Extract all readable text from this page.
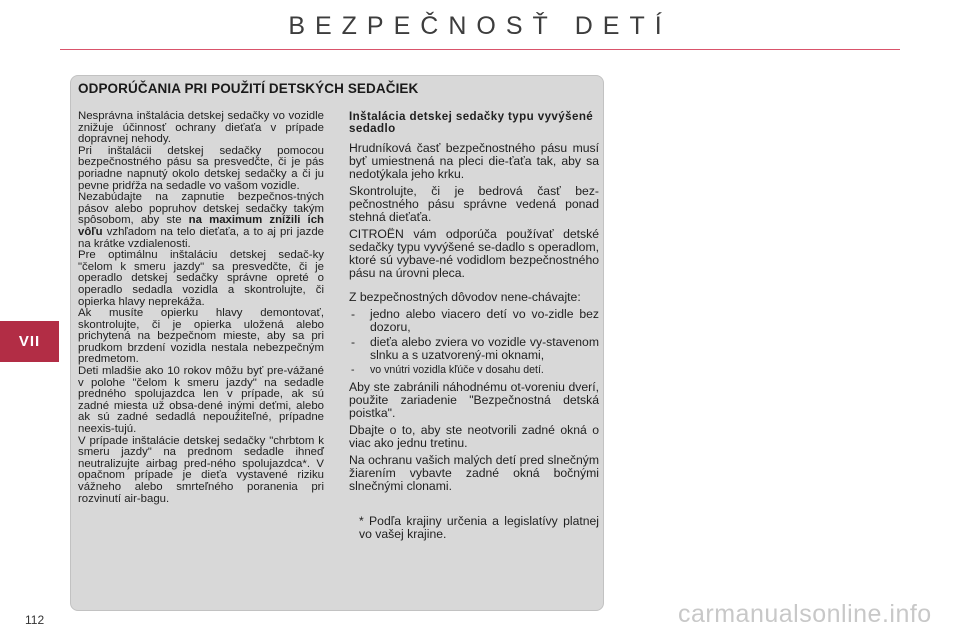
BEZPEČNOSŤ DETÍ
VII
ODPORÚČANIA PRI POUŽITÍ DETSKÝCH SEDAČIEK

Nesprávna inštalácia detskej sedačky vo vozidle znižuje účinnosť ochrany dieťaťa v prípade dopravnej nehody.

Pri inštalácii detskej sedačky pomocou bezpečnostného pásu sa presvedčte, či je pás poriadne napnutý okolo detskej sedačky a či ju pevne pridŕža na sedadle vo vašom vozidle.

Nezabúdajte na zapnutie bezpečnos-tných pásov alebo popruhov detskej sedačky takým spôsobom, aby ste na maximum znížili ich vôľu vzhľadom na telo dieťaťa, a to aj pri jazde na krátke vzdialenosti.

Pre optimálnu inštaláciu detskej sedač-ky "čelom k smeru jazdy" sa presvedčte, či je operadlo detskej sedačky správne opreté o operadlo sedadla vozidla a skontrolujte, či opierka hlavy neprekáža.

Ak musíte opierku hlavy demontovať, skontrolujte, či je opierka uložená alebo prichytená na bezpečnom mieste, aby sa pri prudkom brzdení vozidla nestala nebezpečným predmetom.

Deti mladšie ako 10 rokov môžu byť pre-vážané v polohe "čelom k smeru jazdy" na sedadle predného spolujazdca len v prípade, ak sú zadné miesta už obsa-dené inými deťmi, alebo ak sú zadné sedadlá nepoužiteľné, prípadne neexis-tujú.

V prípade inštalácie detskej sedačky "chrbtom k smeru jazdy" na prednom sedadle ihneď neutralizujte airbag pred-ného spolujazdca*. V opačnom prípade je dieťa vystavené riziku vážneho alebo smrteľného poranenia pri rozvinutí air-bagu.

Inštalácia detskej sedačky typu vyvýšené sedadlo

Hrudníková časť bezpečnostného pásu musí byť umiestnená na pleci die-ťaťa tak, aby sa nedotýkala jeho krku.

Skontrolujte, či je bedrová časť bez-pečnostného pásu správne vedená ponad stehná dieťaťa.

CITROËN vám odporúča používať detské sedačky typu vyvýšené se-dadlo s operadlom, ktoré sú vybave-né vodidlom bezpečnostného pásu na úrovni pleca.

Z bezpečnostných dôvodov nene-chávajte:

- jedno alebo viacero detí vo vo-zidle bez dozoru,
- dieťa alebo zviera vo vozidle vy-stavenom slnku a s uzatvorený-mi oknami,
- vo vnútri vozidla kľúče v dosahu detí.

Aby ste zabránili náhodnému ot-voreniu dverí, použite zariadenie "Bezpečnostná detská poistka".

Dbajte o to, aby ste neotvorili zadné okná o viac ako jednu tretinu.

Na ochranu vašich malých detí pred slnečným žiarením vybavte zadné okná bočnými slnečnými clonami.

* Podľa krajiny určenia a legislatívy platnej vo vašej krajine.

112	carmanualsonline.info
